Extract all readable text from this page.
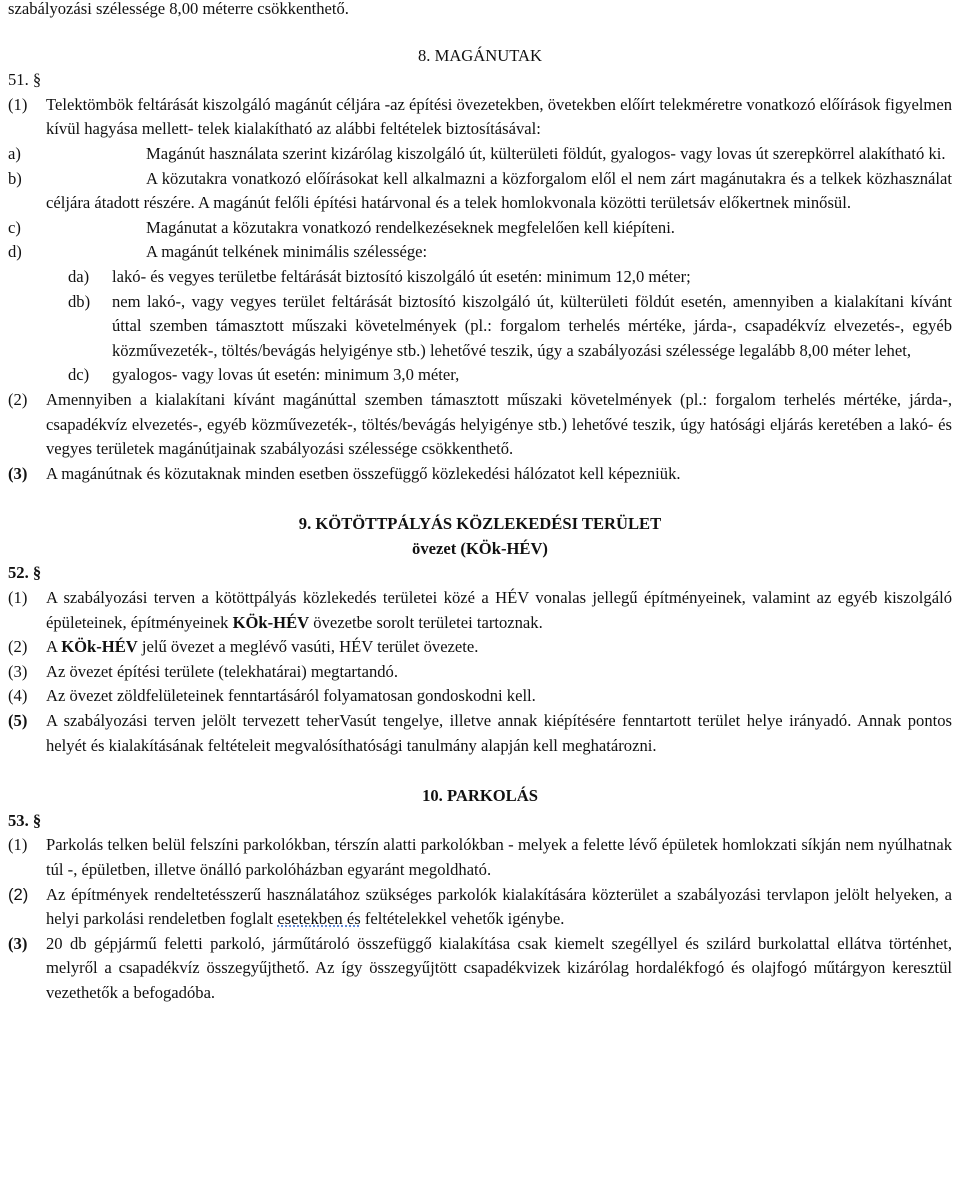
szabályozási szélessége 8,00 méterre csökkenthető.
8. MAGÁNUTAK
51. §
(1) Telektömbök feltárását kiszolgáló magánút céljára -az építési övezetekben, övetekben előírt telekméretre vonatkozó előírások figyelmen kívül hagyása mellett- telek kialakítható az alábbi feltételek biztosításával:
a)	Magánút használata szerint kizárólag kiszolgáló út, külterületi földút, gyalogos- vagy lovas út szerepkörrel alakítható ki.
b)	A közutakra vonatkozó előírásokat kell alkalmazni a közforgalom elől el nem zárt magánutakra és a telkek közhasználat céljára átadott részére. A magánút felőli építési határvonal és a telek homlokvonala közötti területsáv előkertnek minősül.
c)	Magánutat a közutakra vonatkozó rendelkezéseknek megfelelően kell kiépíteni.
d)	A magánút telkének minimális szélessége:
da) lakó- és vegyes területbe feltárását biztosító kiszolgáló út esetén: minimum 12,0 méter;
db) nem lakó-, vagy vegyes terület feltárását biztosító kiszolgáló út, külterületi földút esetén, amennyiben a kialakítani kívánt úttal szemben támasztott műszaki követelmények (pl.: forgalom terhelés mértéke, járda-, csapadékvíz elvezetés-, egyéb közművezeték-, töltés/bevágás helyigénye stb.) lehetővé teszik, úgy a szabályozási szélessége legalább 8,00 méter lehet,
dc) gyalogos- vagy lovas út esetén: minimum 3,0 méter,
(2) Amennyiben a kialakítani kívánt magánúttal szemben támasztott műszaki követelmények (pl.: forgalom terhelés mértéke, járda-, csapadékvíz elvezetés-, egyéb közművezeték-, töltés/bevágás helyigénye stb.) lehetővé teszik, úgy hatósági eljárás keretében a lakó- és vegyes területek magánútjainak szabályozási szélessége csökkenthető.
(3) A magánútnak és közutaknak minden esetben összefüggő közlekedési hálózatot kell képezniük.
9. KÖTÖTTPÁLYÁS KÖZLEKEDÉSI TERÜLET
övezet (KÖk-HÉV)
52. §
(1) A szabályozási terven a kötöttpályás közlekedés területei közé a HÉV vonalas jellegű építményeinek, valamint az egyéb kiszolgáló épületeinek, építményeinek KÖk-HÉV övezetbe sorolt területei tartoznak.
(2) A KÖk-HÉV jelű övezet a meglévő vasúti, HÉV terület övezete.
(3) Az övezet építési területe (telekhatárai) megtartandó.
(4) Az övezet zöldfelületeinek fenntartásáról folyamatosan gondoskodni kell.
(5) A szabályozási terven jelölt tervezett teherVasút tengelye, illetve annak kiépítésére fenntartott terület helye irányadó. Annak pontos helyét és kialakításának feltételeit megvalósíthatósági tanulmány alapján kell meghatározni.
10. PARKOLÁS
53. §
(1) Parkolás telken belül felszíni parkolókban, térszín alatti parkolókban - melyek a felette lévő épületek homlokzati síkján nem nyúlhatnak túl -, épületben, illetve önálló parkolóházban egyaránt megoldható.
(2) Az építmények rendeltetésszerű használatához szükséges parkolók kialakítására közterület a szabályozási tervlapon jelölt helyeken, a helyi parkolási rendeletben foglalt esetekben és feltételekkel vehetők igénybe.
(3) 20 db gépjármű feletti parkoló, járműtároló összefüggő kialakítása csak kiemelt szegéllyel és szilárd burkolattal ellátva történhet, melyről a csapadékvíz összegyűjthető. Az így összegyűjtött csapadékvizek kizárólag hordalékfogó és olajfogó műtárgyon keresztül vezethetők a befogadóba.
